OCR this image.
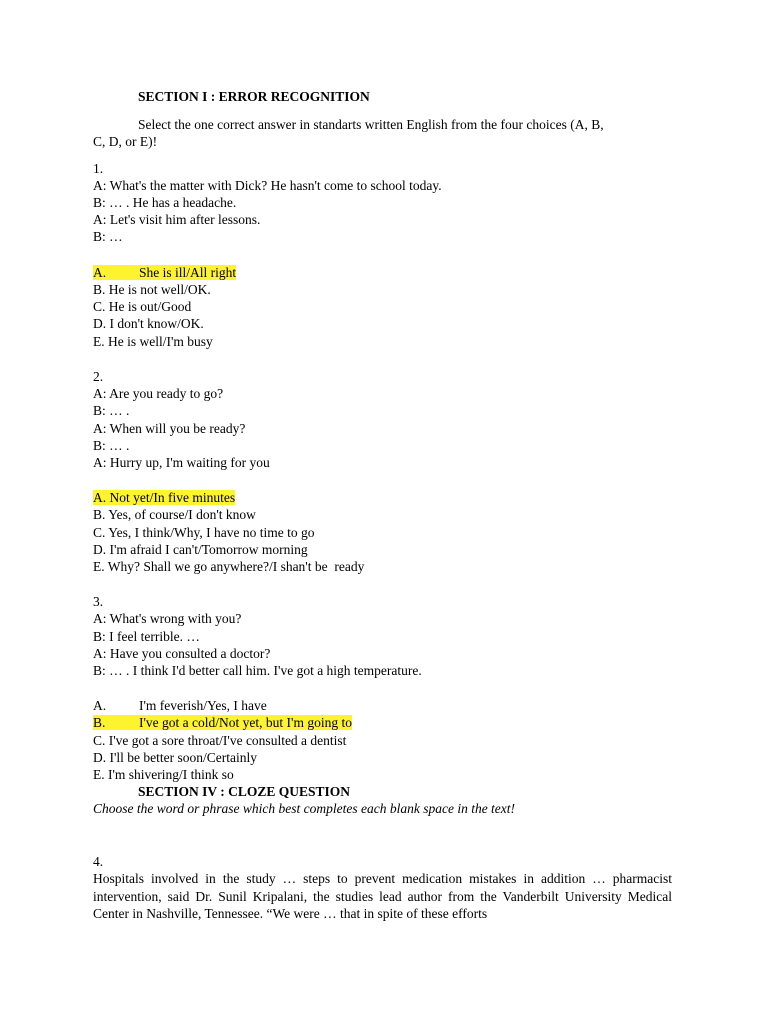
SECTION I : ERROR RECOGNITION
Select the one correct answer in standarts written English from the four choices (A, B,
C, D, or E)!
1.
A: What's the matter with Dick? He hasn't come to school today.
B: … . He has a headache.
A: Let's visit him after lessons.
B: …
A. She is ill/All right
B. He is not well/OK.
C. He is out/Good
D. I don't know/OK.
E. He is well/I'm busy
2.
A: Are you ready to go?
B: … .
A: When will you be ready?
B: … .
A: Hurry up, I'm waiting for you
A. Not yet/In five minutes
B. Yes, of course/I don't know
C. Yes, I think/Why, I have no time to go
D. I'm afraid I can't/Tomorrow morning
E. Why? Shall we go anywhere?/I shan't be  ready
3.
A: What's wrong with you?
B: I feel terrible. …
A: Have you consulted a doctor?
B: … . I think I'd better call him. I've got a high temperature.
A. I'm feverish/Yes, I have
B. I've got a cold/Not yet, but I'm going to
C. I've got a sore throat/I've consulted a dentist
D. I'll be better soon/Certainly
E. I'm shivering/I think so
SECTION IV : CLOZE QUESTION
Choose the word or phrase which best completes each blank space in the text!
4.
Hospitals involved in the study … steps to prevent medication mistakes in addition … pharmacist intervention, said Dr. Sunil Kripalani, the studies lead author from the Vanderbilt University Medical Center in Nashville, Tennessee. “We were … that in spite of these efforts
